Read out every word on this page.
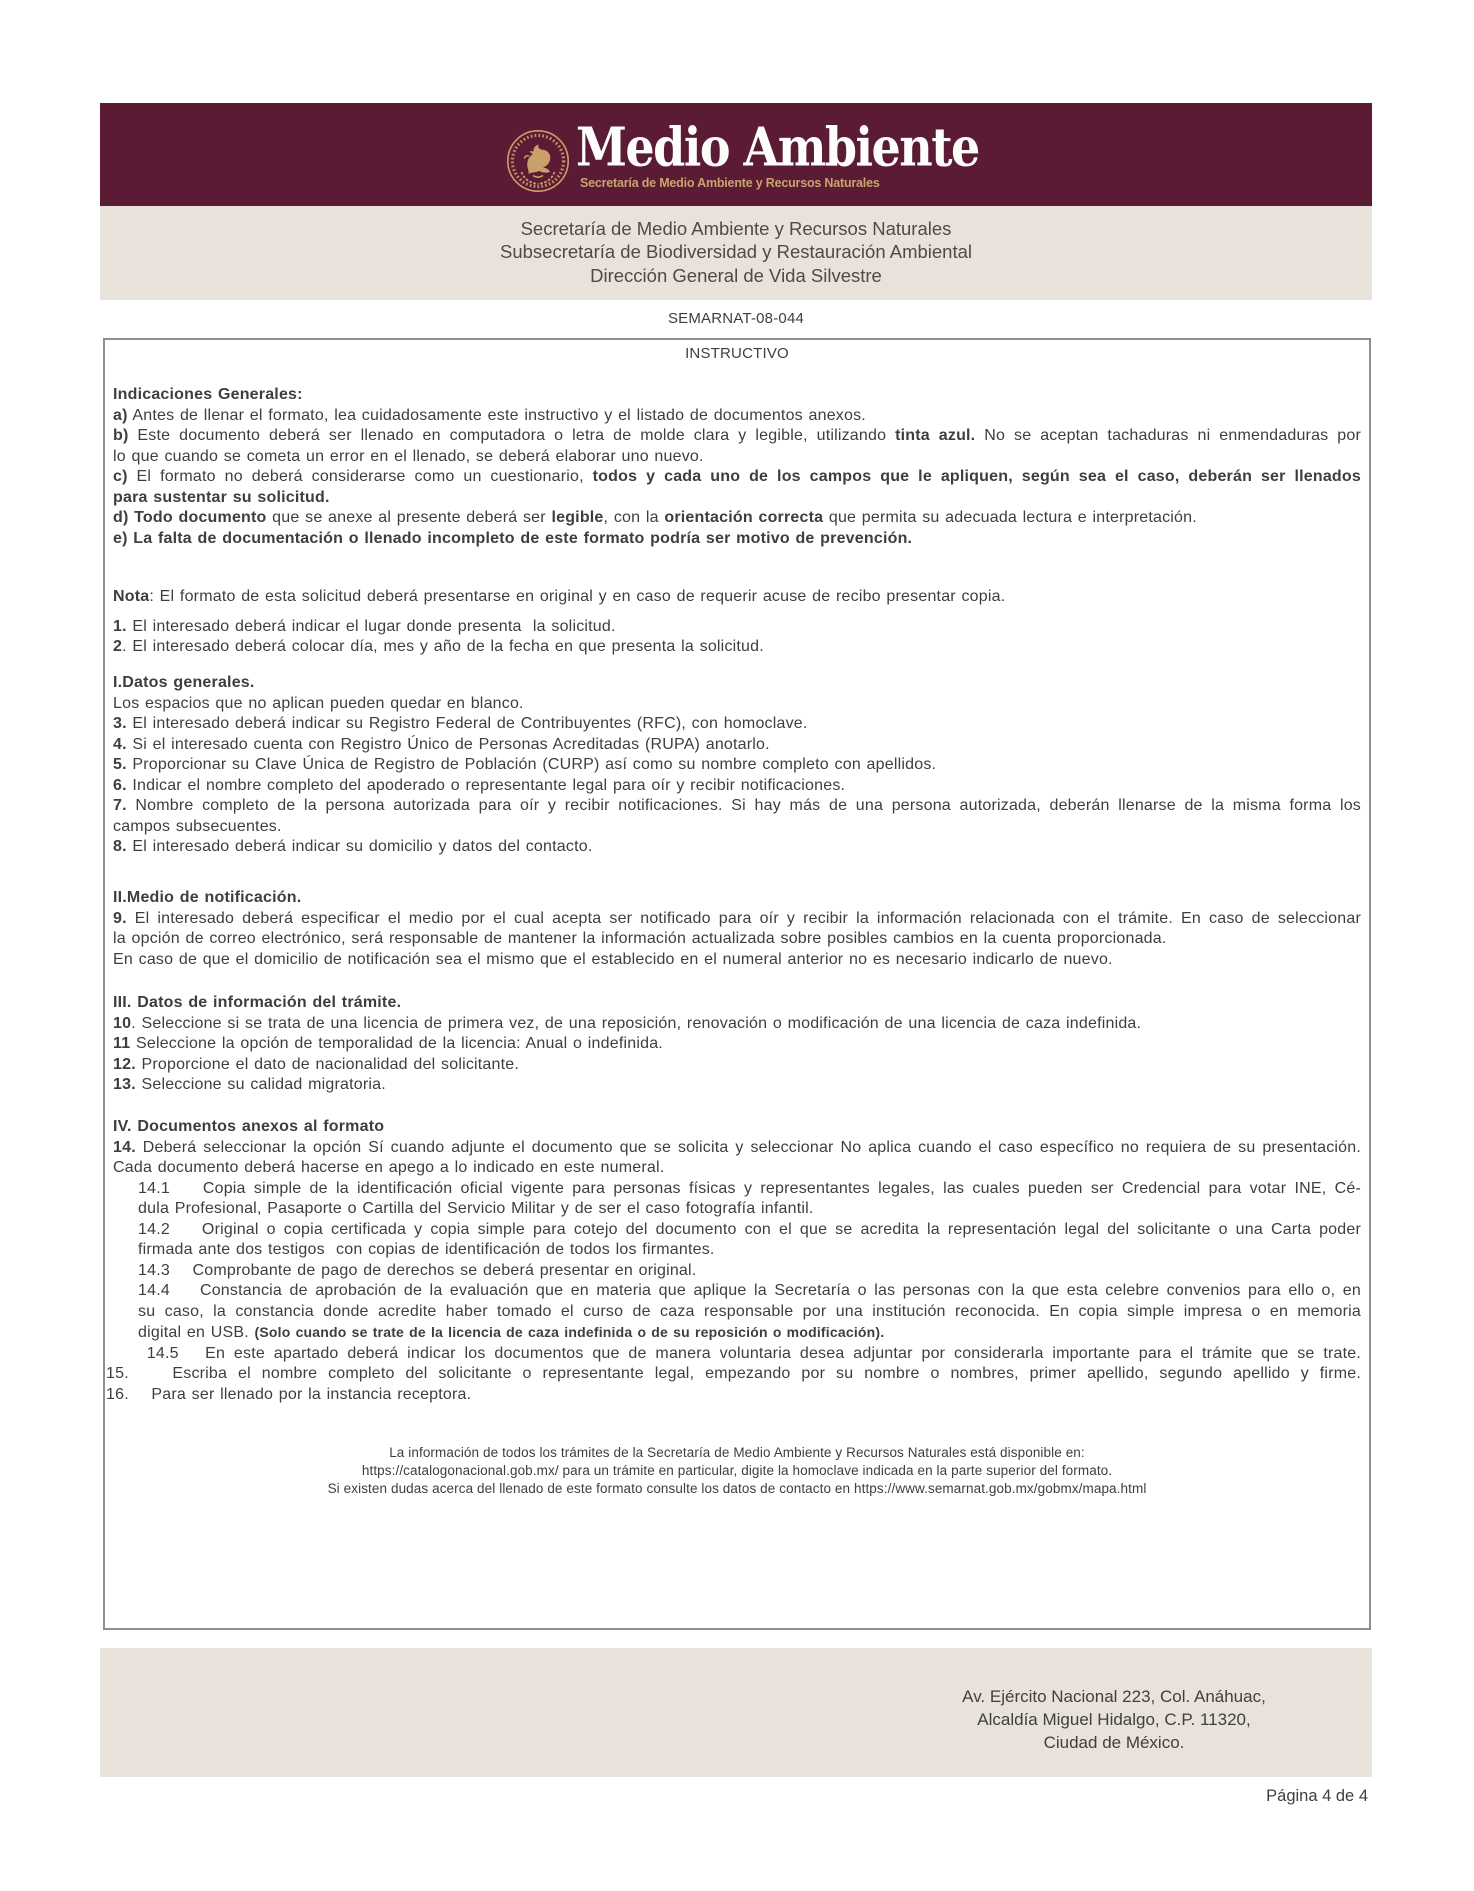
Medio Ambiente
Secretaría de Medio Ambiente y Recursos Naturales
Secretaría de Medio Ambiente y Recursos Naturales
Subsecretaría de Biodiversidad y Restauración Ambiental
Dirección General de Vida Silvestre
SEMARNAT-08-044
INSTRUCTIVO

Indicaciones Generales:

a) Antes de llenar el formato, lea cuidadosamente este instructivo y el listado de documentos anexos.

b) Este documento deberá ser llenado en computadora o letra de molde clara y legible, utilizando tinta azul. No se aceptan tachaduras ni enmendaduras por

lo que cuando se cometa un error en el llenado, se deberá elaborar uno nuevo.

c) El formato no deberá considerarse como un cuestionario, todos y cada uno de los campos que le apliquen, según sea el caso, deberán ser llenados

para sustentar su solicitud.

d) Todo documento que se anexe al presente deberá ser legible, con la orientación correcta que permita su adecuada lectura e interpretación.

e) La falta de documentación o llenado incompleto de este formato podría ser motivo de prevención.

Nota: El formato de esta solicitud deberá presentarse en original y en caso de requerir acuse de recibo presentar copia.

1. El interesado deberá indicar el lugar donde presenta  la solicitud.

2. El interesado deberá colocar día, mes y año de la fecha en que presenta la solicitud.

I.Datos generales.

Los espacios que no aplican pueden quedar en blanco.

3. El interesado deberá indicar su Registro Federal de Contribuyentes (RFC), con homoclave.

4. Si el interesado cuenta con Registro Único de Personas Acreditadas (RUPA) anotarlo.

5. Proporcionar su Clave Única de Registro de Población (CURP) así como su nombre completo con apellidos.

6. Indicar el nombre completo del apoderado o representante legal para oír y recibir notificaciones.

7. Nombre completo de la persona autorizada para oír y recibir notificaciones. Si hay más de una persona autorizada, deberán llenarse de la misma forma los

campos subsecuentes.

8. El interesado deberá indicar su domicilio y datos del contacto.

II.Medio de notificación.

9. El interesado deberá especificar el medio por el cual acepta ser notificado para oír y recibir la información relacionada con el trámite. En caso de seleccionar

la opción de correo electrónico, será responsable de mantener la información actualizada sobre posibles cambios en la cuenta proporcionada.

En caso de que el domicilio de notificación sea el mismo que el establecido en el numeral anterior no es necesario indicarlo de nuevo.

III. Datos de información del trámite.

10. Seleccione si se trata de una licencia de primera vez, de una reposición, renovación o modificación de una licencia de caza indefinida.

11 Seleccione la opción de temporalidad de la licencia: Anual o indefinida.

12. Proporcione el dato de nacionalidad del solicitante.

13. Seleccione su calidad migratoria.

IV. Documentos anexos al formato

14. Deberá seleccionar la opción Sí cuando adjunte el documento que se solicita y seleccionar No aplica cuando el caso específico no requiera de su presentación.

Cada documento deberá hacerse en apego a lo indicado en este numeral.

14.1    Copia simple de la identificación oficial vigente para personas físicas y representantes legales, las cuales pueden ser Credencial para votar INE, Cé-

dula Profesional, Pasaporte o Cartilla del Servicio Militar y de ser el caso fotografía infantil.

14.2    Original o copia certificada y copia simple para cotejo del documento con el que se acredita la representación legal del solicitante o una Carta poder

firmada ante dos testigos  con copias de identificación de todos los firmantes.

14.3    Comprobante de pago de derechos se deberá presentar en original.

14.4    Constancia de aprobación de la evaluación que en materia que aplique la Secretaría o las personas con la que esta celebre convenios para ello o, en

su caso, la constancia donde acredite haber tomado el curso de caza responsable por una institución reconocida. En copia simple impresa o en memoria

digital en USB. (Solo cuando se trate de la licencia de caza indefinida o de su reposición o modificación).

14.5   En este apartado deberá indicar los documentos que de manera voluntaria desea adjuntar por considerarla importante para el trámite que se trate.

15.    Escriba el nombre completo del solicitante o representante legal, empezando por su nombre o nombres, primer apellido, segundo apellido y firme.

16.    Para ser llenado por la instancia receptora.

La información de todos los trámites de la Secretaría de Medio Ambiente y Recursos Naturales está disponible en:

https://catalogonacional.gob.mx/ para un trámite en particular, digite la homoclave indicada en la parte superior del formato.

Si existen dudas acerca del llenado de este formato consulte los datos de contacto en https://www.semarnat.gob.mx/gobmx/mapa.html

Av. Ejército Nacional 223, Col. Anáhuac,
Alcaldía Miguel Hidalgo, C.P. 11320,
Ciudad de México.
Página 4 de 4
